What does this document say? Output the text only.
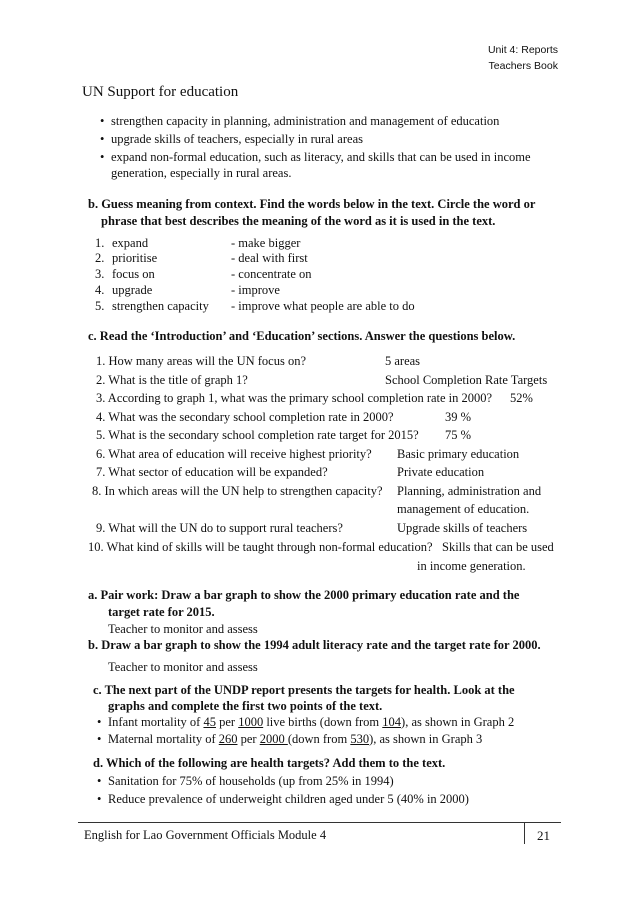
Unit 4: Reports
Teachers Book
UN Support for education
• strengthen capacity in planning, administration and management of education
• upgrade skills of teachers, especially in rural areas
• expand non-formal education, such as literacy, and skills that can be used in income
generation, especially in rural areas.
b. Guess meaning from context. Find the words below in the text. Circle the word or
phrase that best describes the meaning of the word as it is used in the text.
1. expand	- make bigger
2. prioritise	- deal with first
3. focus on	- concentrate on
4. upgrade	- improve
5. strengthen capacity - improve what people are able to do
c. Read the ‘Introduction’ and ‘Education’ sections. Answer the questions below.
1. How many areas will the UN focus on?	5 areas
2. What is the title of graph 1?	School Completion Rate Targets
3. According to graph 1, what was the primary school completion rate in 2000? 52%
4. What was the secondary school completion rate in 2000?	39 %
5. What is the secondary school completion rate target for 2015? 75 %
6. What area of education will receive highest priority? Basic primary education
7. What sector of education will be expanded?	Private education
8. In which areas will the UN help to strengthen capacity? Planning, administration and
management of education.
9. What will the UN do to support rural teachers?	Upgrade skills of teachers
10. What kind of skills will be taught through non-formal education? Skills that can be used
in income generation.
a. Pair work: Draw a bar graph to show the 2000 primary education rate and the
target rate for 2015.
Teacher to monitor and assess
b. Draw a bar graph to show the 1994 adult literacy rate and the target rate for 2000.
Teacher to monitor and assess
c. The next part of the UNDP report presents the targets for health. Look at the
graphs and complete the first two points of the text.
• Infant mortality of 45 per 1000 live births (down from 104), as shown in Graph 2
• Maternal mortality of 260 per 2000 (down from 530), as shown in Graph 3
d. Which of the following are health targets? Add them to the text.
• Sanitation for 75% of households (up from 25% in 1994)
• Reduce prevalence of underweight children aged under 5 (40% in 2000)
English for Lao Government Officials Module 4	21
